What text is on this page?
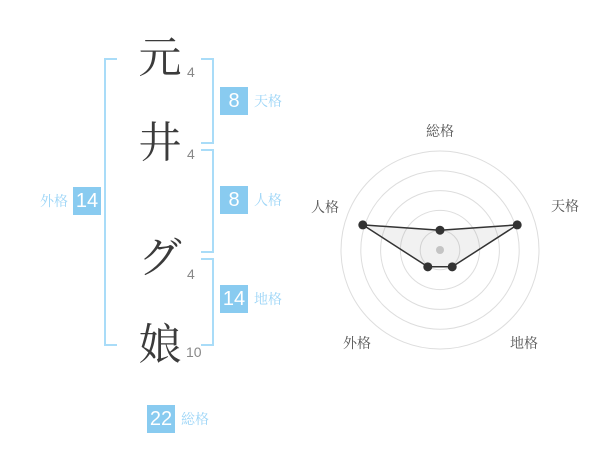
元
井
グ
娘
4
4
4
10
8 天格
8 人格
14 地格
外格 14
22 総格
総格
天格
地格
外格
人格
